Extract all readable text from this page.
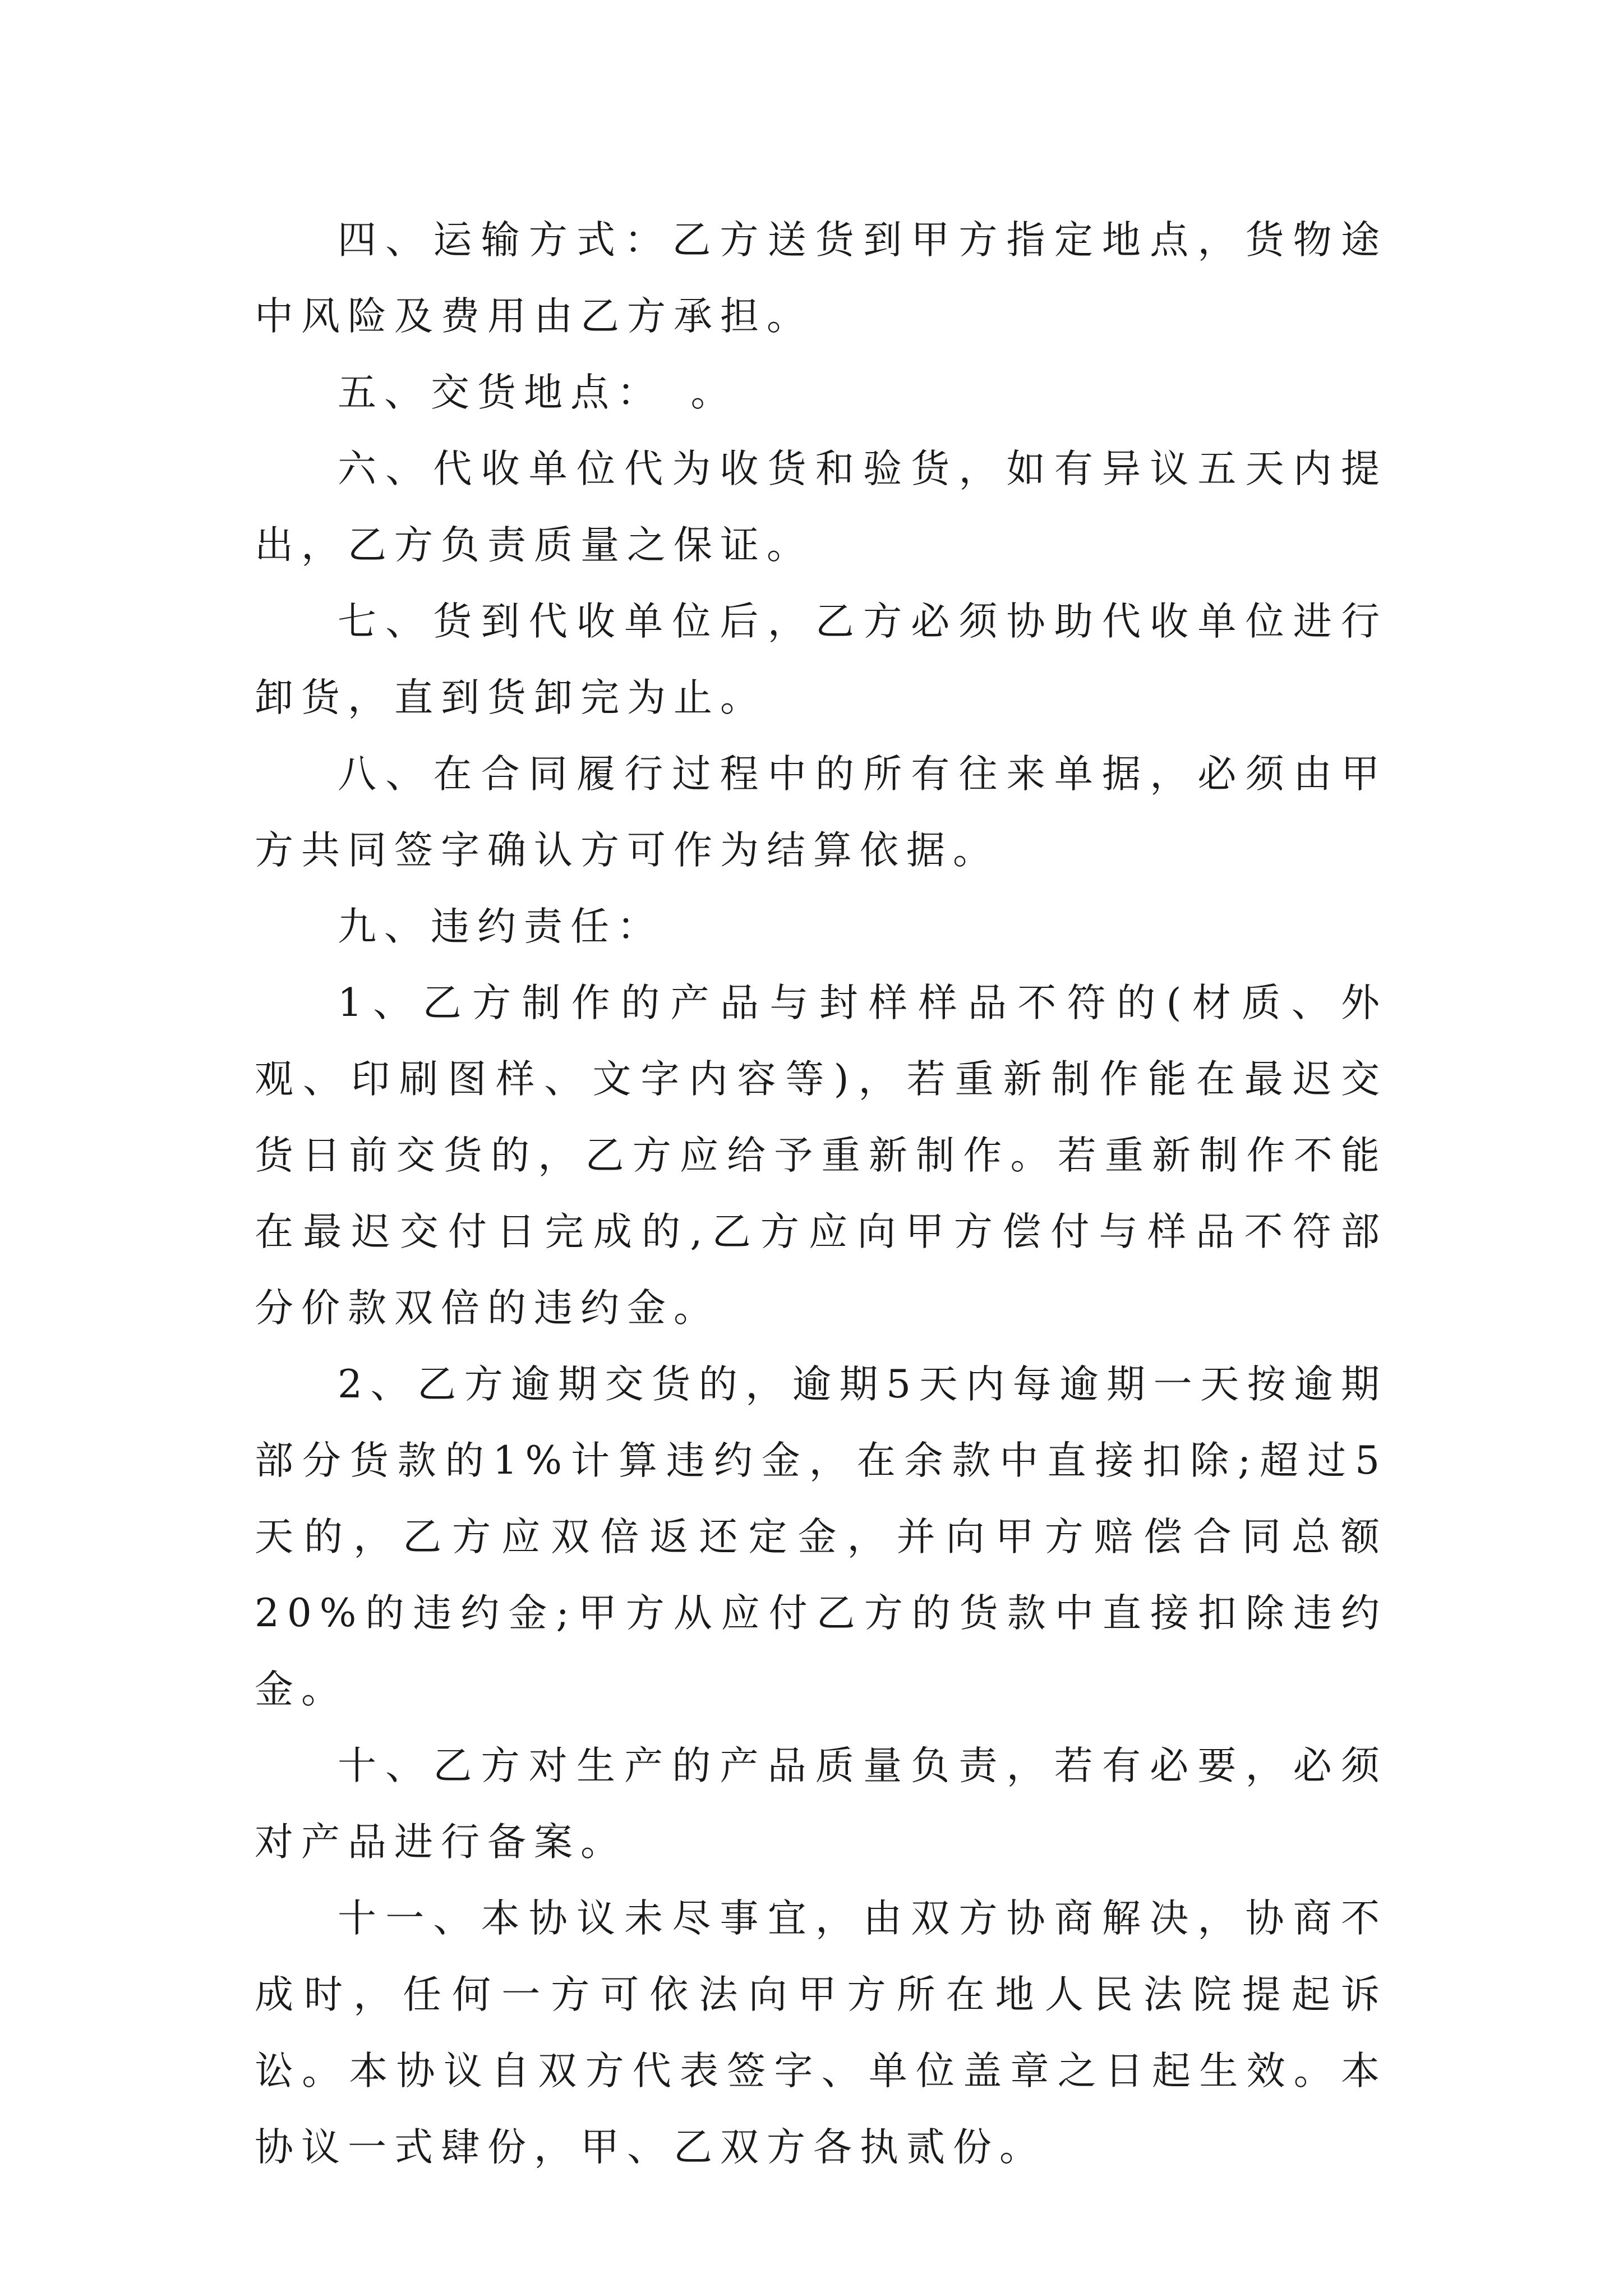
四、运输方式：乙方送货到甲方指定地点，货物途中风险及费用由乙方承担。

五、交货地点：　。

六、代收单位代为收货和验货，如有异议五天内提出，乙方负责质量之保证。

七、货到代收单位后，乙方必须协助代收单位进行卸货，直到货卸完为止。

八、在合同履行过程中的所有往来单据，必须由甲方共同签字确认方可作为结算依据。

九、违约责任：

1、乙方制作的产品与封样样品不符的(材质、外观、印刷图样、文字内容等)，若重新制作能在最迟交货日前交货的，乙方应给予重新制作。若重新制作不能在最迟交付日完成的,乙方应向甲方偿付与样品不符部分价款双倍的违约金。

2、乙方逾期交货的，逾期5天内每逾期一天按逾期部分货款的1%计算违约金，在余款中直接扣除;超过5天的，乙方应双倍返还定金，并向甲方赔偿合同总额20%的违约金;甲方从应付乙方的货款中直接扣除违约金。

十、乙方对生产的产品质量负责，若有必要，必须对产品进行备案。

十一、本协议未尽事宜，由双方协商解决，协商不成时，任何一方可依法向甲方所在地人民法院提起诉讼。本协议自双方代表签字、单位盖章之日起生效。本协议一式肆份，甲、乙双方各执贰份。
